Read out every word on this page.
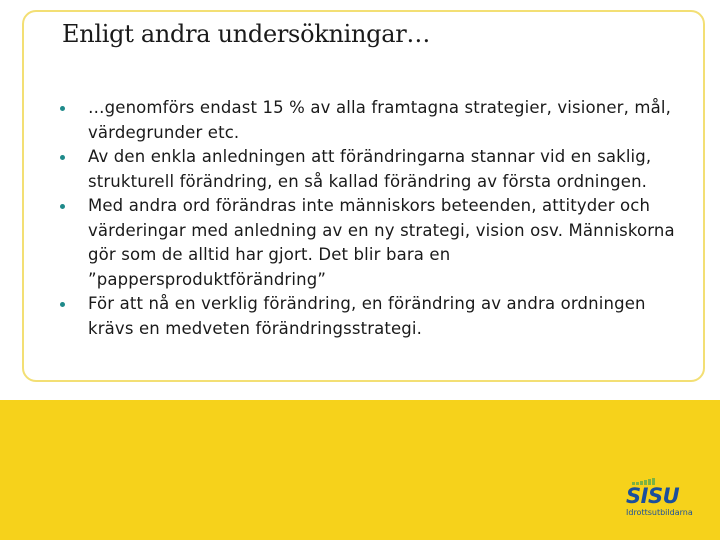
Enligt andra undersökningar…
…genomförs endast 15 % av alla framtagna strategier, visioner, mål, värdegrunder etc.
Av den enkla anledningen att förändringarna stannar vid en saklig, strukturell förändring, en så kallad förändring av första ordningen.
Med andra ord förändras inte människors beteenden, attityder och värderingar med anledning av en ny strategi, vision osv. Människorna gör som de alltid har gjort. Det blir bara en ”pappersproduktförändring”
För att nå en verklig förändring, en förändring av andra ordningen krävs en medveten förändringsstrategi.
SISU
Idrottsutbildarna
